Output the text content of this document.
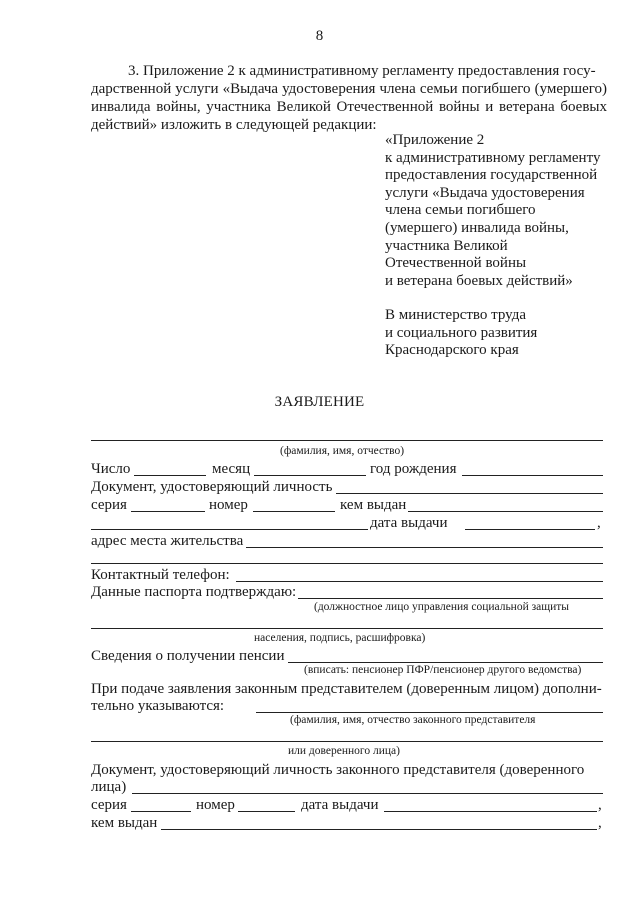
8
3. Приложение 2 к административному регламенту предоставления госу-
дарственной услуги «Выдача удостоверения члена семьи погибшего (умершего) инвалида войны, участника Великой Отечественной войны и ветерана боевых действий» изложить в следующей редакции:
«Приложение 2
к административному регламенту
предоставления государственной
услуги «Выдача удостоверения
члена семьи погибшего
(умершего) инвалида войны,
участника Великой
Отечественной войны
и ветерана боевых действий»
В министерство труда
и социального развития
Краснодарского края
ЗАЯВЛЕНИЕ
(фамилия, имя, отчество)
Число	месяц	год рождения
Документ, удостоверяющий личность
серия	номер	кем выдан
дата выдачи	,
адрес места жительства
Контактный телефон:
Данные паспорта подтверждаю:
(должностное лицо управления социальной защиты
населения, подпись, расшифровка)
Сведения о получении пенсии
(вписать: пенсионер ПФР/пенсионер другого ведомства)
При подаче заявления законным представителем (доверенным лицом) дополни-
тельно указываются:
(фамилия, имя, отчество законного представителя
или доверенного лица)
Документ, удостоверяющий личность законного представителя (доверенного
лица)
серия	номер	дата выдачи	,
кем выдан	,
